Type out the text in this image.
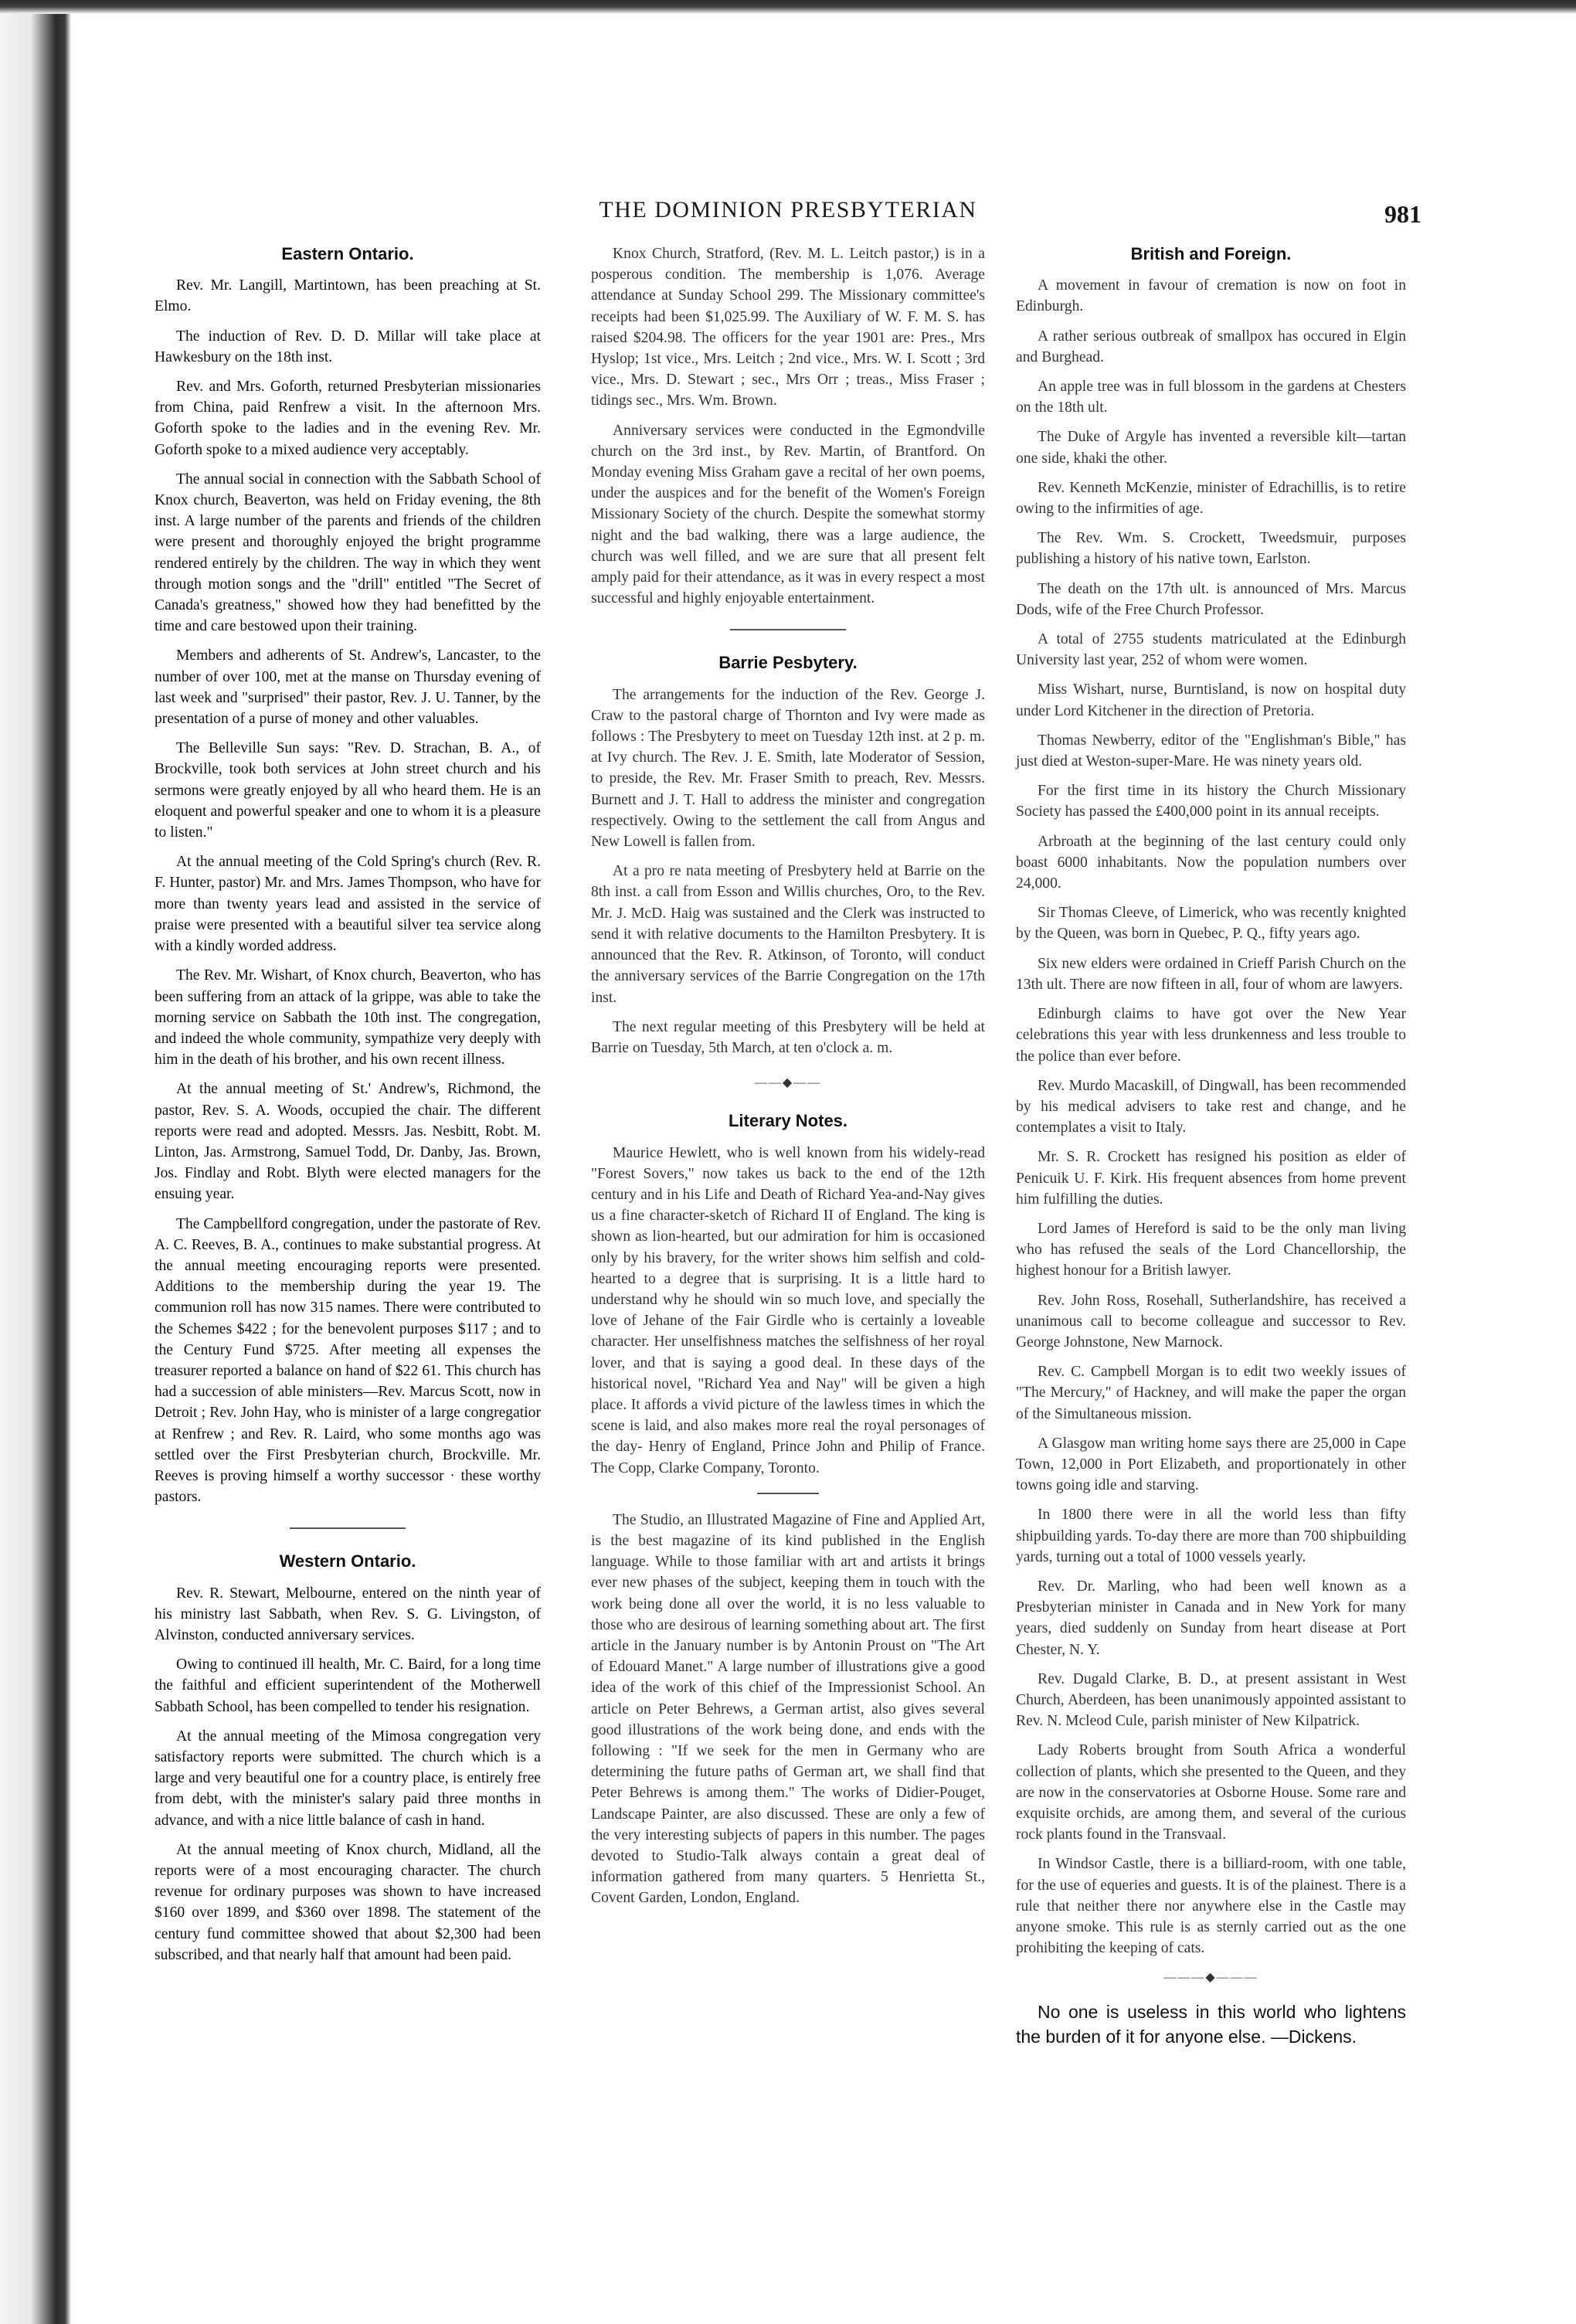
THE DOMINION PRESBYTERIAN	981
Eastern Ontario.

Rev. Mr. Langill, Martintown, has been preaching at St. Elmo.

The induction of Rev. D. D. Millar will take place at Hawkesbury on the 18th inst.

Rev. and Mrs. Goforth, returned Presbyterian missionaries from China, paid Renfrew a visit. In the afternoon Mrs. Goforth spoke to the ladies and in the evening Rev. Mr. Goforth spoke to a mixed audience very acceptably.

The annual social in connection with the Sabbath School of Knox church, Beaverton, was held on Friday evening, the 8th inst. A large number of the parents and friends of the children were present and thoroughly enjoyed the bright programme rendered entirely by the children. The way in which they went through motion songs and the "drill" entitled "The Secret of Canada's greatness," showed how they had benefitted by the time and care bestowed upon their training.

Members and adherents of St. Andrew's, Lancaster, to the number of over 100, met at the manse on Thursday evening of last week and "surprised" their pastor, Rev. J. U. Tanner, by the presentation of a purse of money and other valuables.

The Belleville Sun says: "Rev. D. Strachan, B. A., of Brockville, took both services at John street church and his sermons were greatly enjoyed by all who heard them. He is an eloquent and powerful speaker and one to whom it is a pleasure to listen."

At the annual meeting of the Cold Spring's church (Rev. R. F. Hunter, pastor) Mr. and Mrs. James Thompson, who have for more than twenty years lead and assisted in the service of praise were presented with a beautiful silver tea service along with a kindly worded address.

The Rev. Mr. Wishart, of Knox church, Beaverton, who has been suffering from an attack of la grippe, was able to take the morning service on Sabbath the 10th inst. The congregation, and indeed the whole community, sympathize very deeply with him in the death of his brother, and his own recent illness.

At the annual meeting of St.' Andrew's, Richmond, the pastor, Rev. S. A. Woods, occupied the chair. The different reports were read and adopted. Messrs. Jas. Nesbitt, Robt. M. Linton, Jas. Armstrong, Samuel Todd, Dr. Danby, Jas. Brown, Jos. Findlay and Robt. Blyth were elected managers for the ensuing year.

The Campbellford congregation, under the pastorate of Rev. A. C. Reeves, B. A., continues to make substantial progress. At the annual meeting encouraging reports were presented. Additions to the membership during the year 19. The communion roll has now 315 names. There were contributed to the Schemes $422 ; for the benevolent purposes $117 ; and to the Century Fund $725. After meeting all expenses the treasurer reported a balance on hand of $22 61. This church has had a succession of able ministers—Rev. Marcus Scott, now in Detroit ; Rev. John Hay, who is minister of a large congregatior at Renfrew ; and Rev. R. Laird, who some months ago was settled over the First Presbyterian church, Brockville. Mr. Reeves is proving himself a worthy successor · these worthy pastors.

Western Ontario.

Rev. R. Stewart, Melbourne, entered on the ninth year of his ministry last Sabbath, when Rev. S. G. Livingston, of Alvinston, conducted anniversary services.

Owing to continued ill health, Mr. C. Baird, for a long time the faithful and efficient superintendent of the Motherwell Sabbath School, has been compelled to tender his resignation.

At the annual meeting of the Mimosa congregation very satisfactory reports were submitted. The church which is a large and very beautiful one for a country place, is entirely free from debt, with the minister's salary paid three months in advance, and with a nice little balance of cash in hand.

At the annual meeting of Knox church, Midland, all the reports were of a most encouraging character. The church revenue for ordinary purposes was shown to have increased $160 over 1899, and $360 over 1898. The statement of the century fund committee showed that about $2,300 had been subscribed, and that nearly half that amount had been paid.

Knox Church, Stratford, (Rev. M. L. Leitch pastor,) is in a posperous condition. The membership is 1,076. Average attendance at Sunday School 299. The Missionary committee's receipts had been $1,025.99. The Auxiliary of W. F. M. S. has raised $204.98. The officers for the year 1901 are: Pres., Mrs Hyslop; 1st vice., Mrs. Leitch ; 2nd vice., Mrs. W. I. Scott ; 3rd vice., Mrs. D. Stewart ; sec., Mrs Orr ; treas., Miss Fraser ; tidings sec., Mrs. Wm. Brown.

Anniversary services were conducted in the Egmondville church on the 3rd inst., by Rev. Martin, of Brantford. On Monday evening Miss Graham gave a recital of her own poems, under the auspices and for the benefit of the Women's Foreign Missionary Society of the church. Despite the somewhat stormy night and the bad walking, there was a large audience, the church was well filled, and we are sure that all present felt amply paid for their attendance, as it was in every respect a most successful and highly enjoyable entertainment.

Barrie Pesbytery.

The arrangements for the induction of the Rev. George J. Craw to the pastoral charge of Thornton and Ivy were made as follows : The Presbytery to meet on Tuesday 12th inst. at 2 p. m. at Ivy church. The Rev. J. E. Smith, late Moderator of Session, to preside, the Rev. Mr. Fraser Smith to preach, Rev. Messrs. Burnett and J. T. Hall to address the minister and congregation respectively. Owing to the settlement the call from Angus and New Lowell is fallen from.

At a pro re nata meeting of Presbytery held at Barrie on the 8th inst. a call from Esson and Willis churches, Oro, to the Rev. Mr. J. McD. Haig was sustained and the Clerk was instructed to send it with relative documents to the Hamilton Presbytery. It is announced that the Rev. R. Atkinson, of Toronto, will conduct the anniversary services of the Barrie Congregation on the 17th inst.

The next regular meeting of this Presbytery will be held at Barrie on Tuesday, 5th March, at ten o'clock a. m.

——◆——
Literary Notes.

Maurice Hewlett, who is well known from his widely-read "Forest Sovers," now takes us back to the end of the 12th century and in his Life and Death of Richard Yea-and-Nay gives us a fine character-sketch of Richard II of England. The king is shown as lion-hearted, but our admiration for him is occasioned only by his bravery, for the writer shows him selfish and cold-hearted to a degree that is surprising. It is a little hard to understand why he should win so much love, and specially the love of Jehane of the Fair Girdle who is certainly a loveable character. Her unselfishness matches the selfishness of her royal lover, and that is saying a good deal. In these days of the historical novel, "Richard Yea and Nay" will be given a high place. It affords a vivid picture of the lawless times in which the scene is laid, and also makes more real the royal personages of the day- Henry of England, Prince John and Philip of France. The Copp, Clarke Company, Toronto.

The Studio, an Illustrated Magazine of Fine and Applied Art, is the best magazine of its kind published in the English language. While to those familiar with art and artists it brings ever new phases of the subject, keeping them in touch with the work being done all over the world, it is no less valuable to those who are desirous of learning something about art. The first article in the January number is by Antonin Proust on "The Art of Edouard Manet." A large number of illustrations give a good idea of the work of this chief of the Impressionist School. An article on Peter Behrews, a German artist, also gives several good illustrations of the work being done, and ends with the following : "If we seek for the men in Germany who are determining the future paths of German art, we shall find that Peter Behrews is among them." The works of Didier-Pouget, Landscape Painter, are also discussed. These are only a few of the very interesting subjects of papers in this number. The pages devoted to Studio-Talk always contain a great deal of information gathered from many quarters. 5 Henrietta St., Covent Garden, London, England.

British and Foreign.

A movement in favour of cremation is now on foot in Edinburgh.

A rather serious outbreak of smallpox has occured in Elgin and Burghead.

An apple tree was in full blossom in the gardens at Chesters on the 18th ult.

The Duke of Argyle has invented a reversible kilt—tartan one side, khaki the other.

Rev. Kenneth McKenzie, minister of Edrachillis, is to retire owing to the infirmities of age.

The Rev. Wm. S. Crockett, Tweedsmuir, purposes publishing a history of his native town, Earlston.

The death on the 17th ult. is announced of Mrs. Marcus Dods, wife of the Free Church Professor.

A total of 2755 students matriculated at the Edinburgh University last year, 252 of whom were women.

Miss Wishart, nurse, Burntisland, is now on hospital duty under Lord Kitchener in the direction of Pretoria.

Thomas Newberry, editor of the "Englishman's Bible," has just died at Weston-super-Mare. He was ninety years old.

For the first time in its history the Church Missionary Society has passed the £400,000 point in its annual receipts.

Arbroath at the beginning of the last century could only boast 6000 inhabitants. Now the population numbers over 24,000.

Sir Thomas Cleeve, of Limerick, who was recently knighted by the Queen, was born in Quebec, P. Q., fifty years ago.

Six new elders were ordained in Crieff Parish Church on the 13th ult. There are now fifteen in all, four of whom are lawyers.

Edinburgh claims to have got over the New Year celebrations this year with less drunkenness and less trouble to the police than ever before.

Rev. Murdo Macaskill, of Dingwall, has been recommended by his medical advisers to take rest and change, and he contemplates a visit to Italy.

Mr. S. R. Crockett has resigned his position as elder of Penicuik U. F. Kirk. His frequent absences from home prevent him fulfilling the duties.

Lord James of Hereford is said to be the only man living who has refused the seals of the Lord Chancellorship, the highest honour for a British lawyer.

Rev. John Ross, Rosehall, Sutherlandshire, has received a unanimous call to become colleague and successor to Rev. George Johnstone, New Marnock.

Rev. C. Campbell Morgan is to edit two weekly issues of "The Mercury," of Hackney, and will make the paper the organ of the Simultaneous mission.

A Glasgow man writing home says there are 25,000 in Cape Town, 12,000 in Port Elizabeth, and proportionately in other towns going idle and starving.

In 1800 there were in all the world less than fifty shipbuilding yards. To-day there are more than 700 shipbuilding yards, turning out a total of 1000 vessels yearly.

Rev. Dr. Marling, who had been well known as a Presbyterian minister in Canada and in New York for many years, died suddenly on Sunday from heart disease at Port Chester, N. Y.

Rev. Dugald Clarke, B. D., at present assistant in West Church, Aberdeen, has been unanimously appointed assistant to Rev. N. Mcleod Cule, parish minister of New Kilpatrick.

Lady Roberts brought from South Africa a wonderful collection of plants, which she presented to the Queen, and they are now in the conservatories at Osborne House. Some rare and exquisite orchids, are among them, and several of the curious rock plants found in the Transvaal.

In Windsor Castle, there is a billiard-room, with one table, for the use of equeries and guests. It is of the plainest. There is a rule that neither there nor anywhere else in the Castle may anyone smoke. This rule is as sternly carried out as the one prohibiting the keeping of cats.

———◆———
No one is useless in this world who lightens the burden of it for anyone else. —Dickens.
